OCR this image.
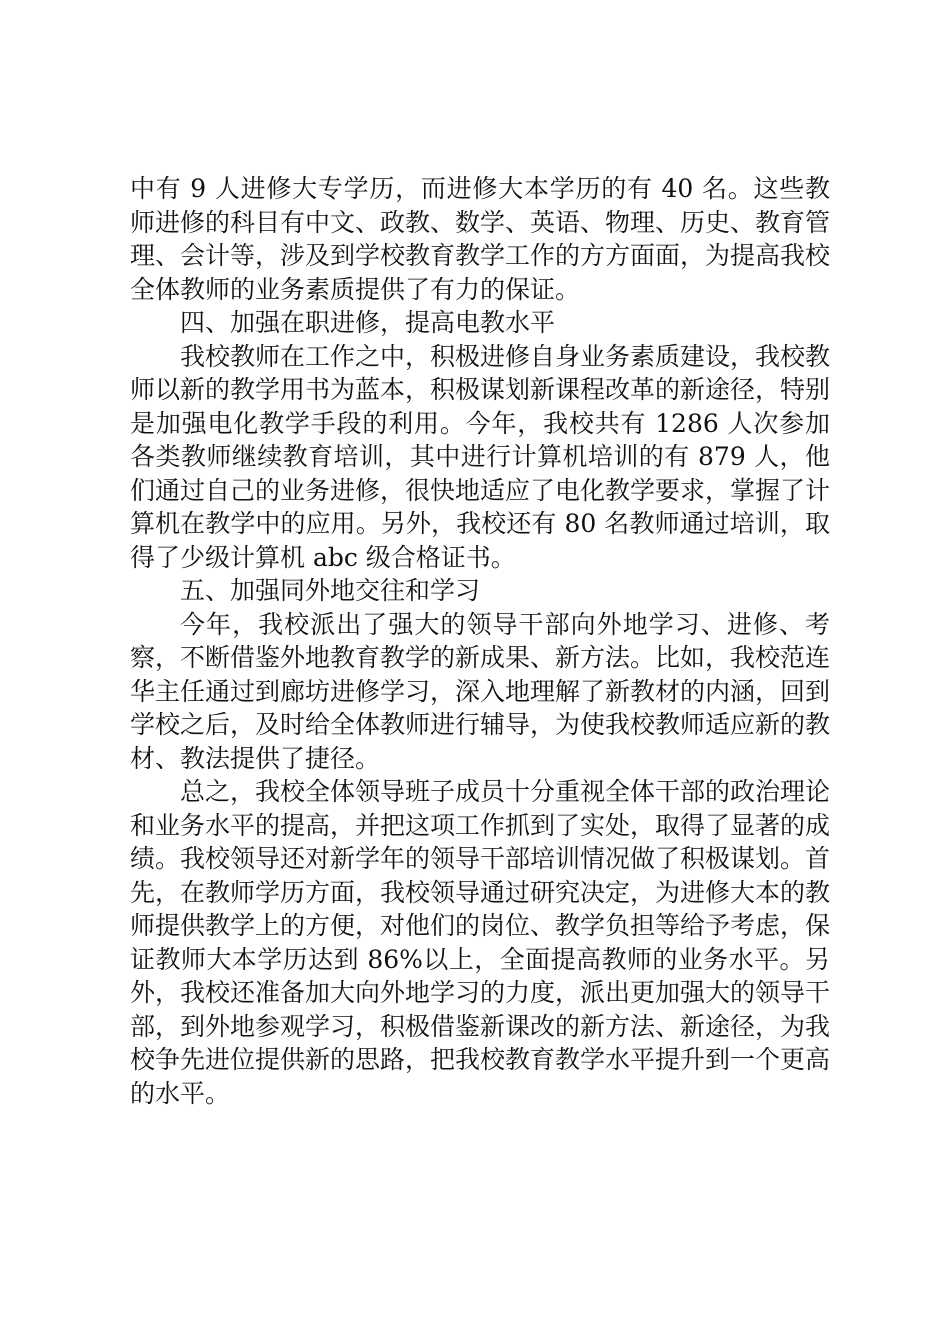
中有 9 人进修大专学历，而进修大本学历的有 40 名。这些教师进修的科目有中文、政教、数学、英语、物理、历史、教育管理、会计等，涉及到学校教育教学工作的方方面面，为提高我校全体教师的业务素质提供了有力的保证。

四、加强在职进修，提高电教水平

我校教师在工作之中，积极进修自身业务素质建设，我校教师以新的教学用书为蓝本，积极谋划新课程改革的新途径，特别是加强电化教学手段的利用。今年，我校共有 1286 人次参加各类教师继续教育培训，其中进行计算机培训的有 879 人，他们通过自己的业务进修，很快地适应了电化教学要求，掌握了计算机在教学中的应用。另外，我校还有 80 名教师通过培训，取得了少级计算机 abc 级合格证书。

五、加强同外地交往和学习

今年，我校派出了强大的领导干部向外地学习、进修、考察，不断借鉴外地教育教学的新成果、新方法。比如，我校范连华主任通过到廊坊进修学习，深入地理解了新教材的内涵，回到学校之后，及时给全体教师进行辅导，为使我校教师适应新的教材、教法提供了捷径。

总之，我校全体领导班子成员十分重视全体干部的政治理论和业务水平的提高，并把这项工作抓到了实处，取得了显著的成绩。我校领导还对新学年的领导干部培训情况做了积极谋划。首先，在教师学历方面，我校领导通过研究决定，为进修大本的教师提供教学上的方便，对他们的岗位、教学负担等给予考虑，保证教师大本学历达到 86%以上，全面提高教师的业务水平。另外，我校还准备加大向外地学习的力度，派出更加强大的领导干部，到外地参观学习，积极借鉴新课改的新方法、新途径，为我校争先进位提供新的思路，把我校教育教学水平提升到一个更高的水平。
